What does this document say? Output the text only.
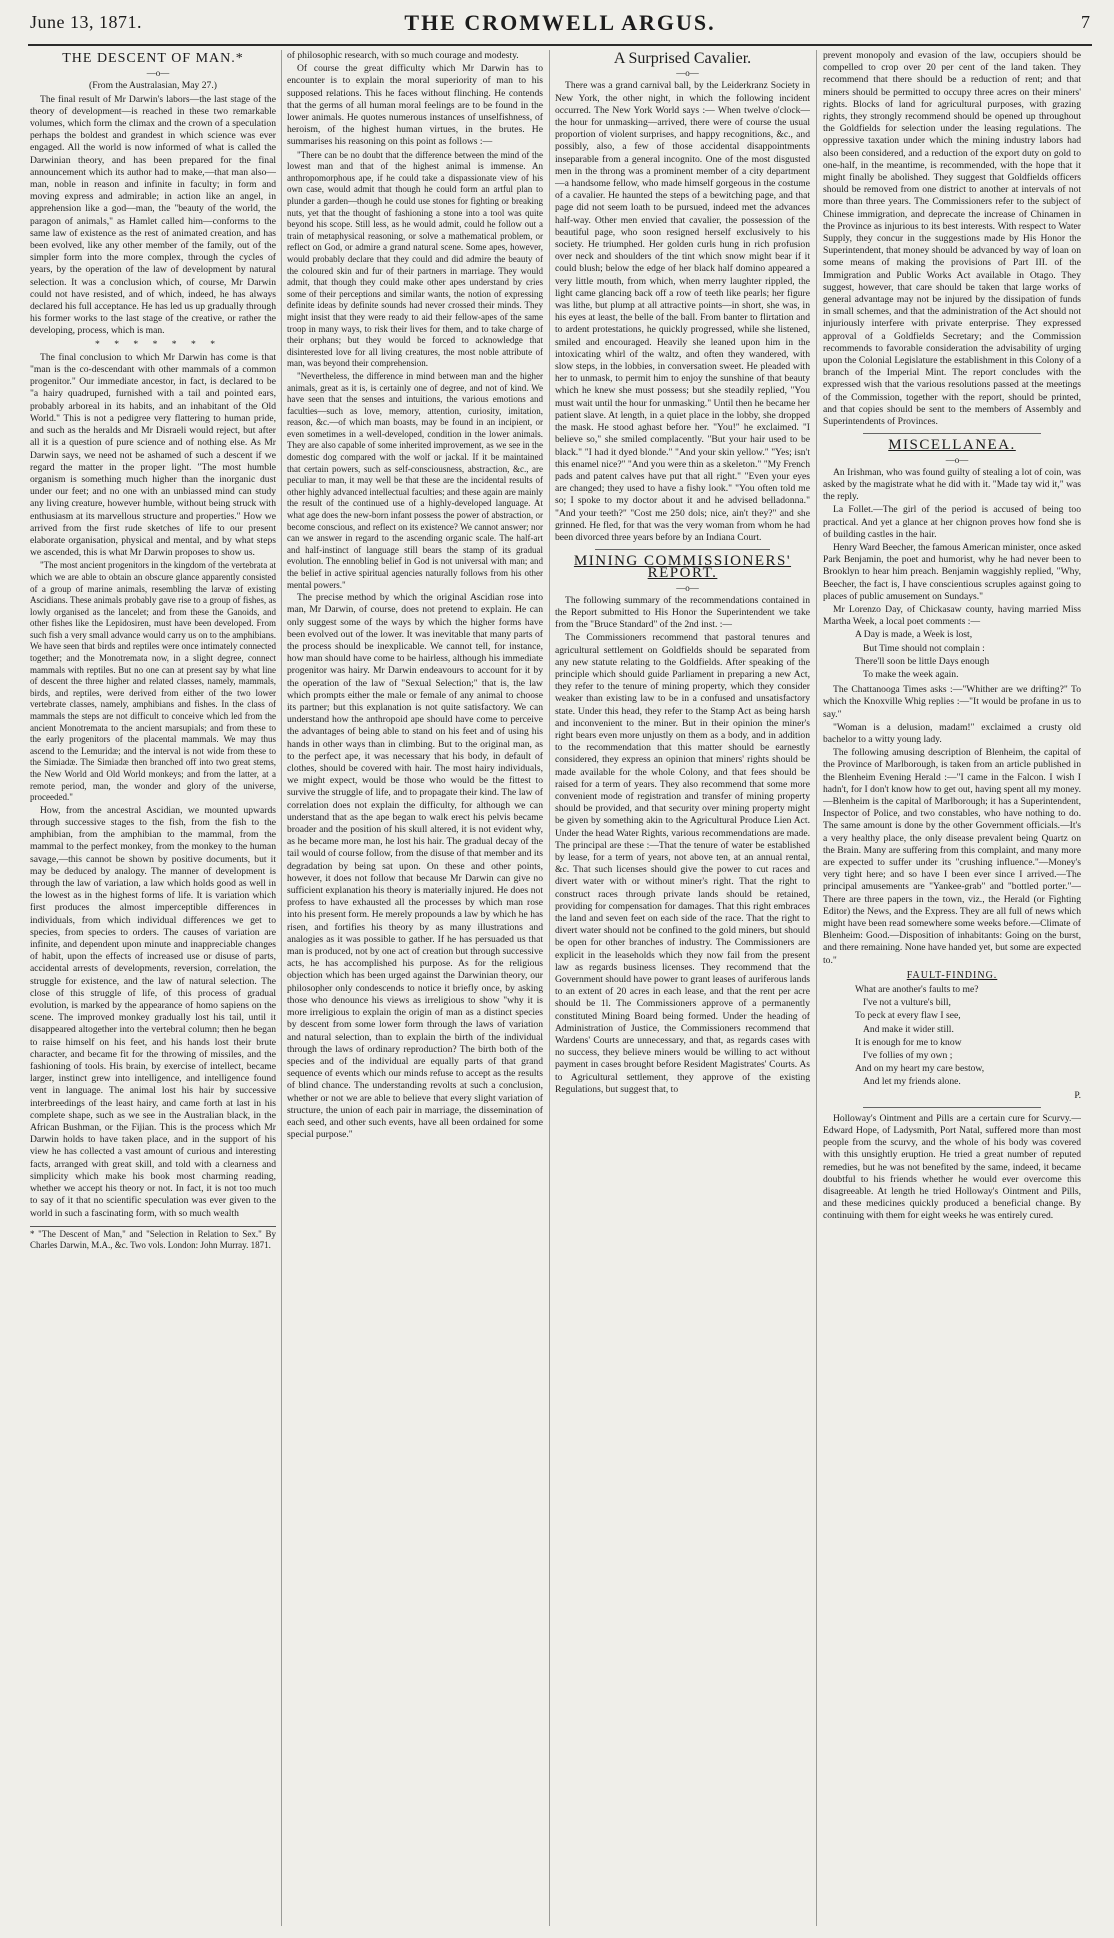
June 13, 1871.	THE CROMWELL ARGUS.	7
THE DESCENT OF MAN.*

—o—

(From the Australasian, May 27.)

The final result of Mr Darwin's labors—the last stage of the theory of development—is reached in these two remarkable volumes, which form the climax and the crown of a speculation perhaps the boldest and grandest in which science was ever engaged. All the world is now informed of what is called the Darwinian theory, and has been prepared for the final announcement which its author had to make,—that man also—man, noble in reason and infinite in faculty; in form and moving express and admirable; in action like an angel, in apprehension like a god—man, the "beauty of the world, the paragon of animals," as Hamlet called him—conforms to the same law of existence as the rest of animated creation, and has been evolved, like any other member of the family, out of the simpler form into the more complex, through the cycles of years, by the operation of the law of development by natural selection. It was a conclusion which, of course, Mr Darwin could not have resisted, and of which, indeed, he has always declared his full acceptance. He has led us up gradually through his former works to the last stage of the creative, or rather the developing, process, which is man.

* * * * * * *

The final conclusion to which Mr Darwin has come is that "man is the co-descendant with other mammals of a common progenitor." Our immediate ancestor, in fact, is declared to be "a hairy quadruped, furnished with a tail and pointed ears, probably arboreal in its habits, and an inhabitant of the Old World." This is not a pedigree very flattering to human pride, and such as the heralds and Mr Disraeli would reject, but after all it is a question of pure science and of nothing else. As Mr Darwin says, we need not be ashamed of such a descent if we regard the matter in the proper light. "The most humble organism is something much higher than the inorganic dust under our feet; and no one with an unbiassed mind can study any living creature, however humble, without being struck with enthusiasm at its marvellous structure and properties." How we arrived from the first rude sketches of life to our present elaborate organisation, physical and mental, and by what steps we ascended, this is what Mr Darwin proposes to show us.

"The most ancient progenitors in the kingdom of the vertebrata at which we are able to obtain an obscure glance apparently consisted of a group of marine animals, resembling the larvæ of existing Ascidians. These animals probably gave rise to a group of fishes, as lowly organised as the lancelet; and from these the Ganoids, and other fishes like the Lepidosiren, must have been developed. From such fish a very small advance would carry us on to the amphibians. We have seen that birds and reptiles were once intimately connected together; and the Monotremata now, in a slight degree, connect mammals with reptiles. But no one can at present say by what line of descent the three higher and related classes, namely, mammals, birds, and reptiles, were derived from either of the two lower vertebrate classes, namely, amphibians and fishes. In the class of mammals the steps are not difficult to conceive which led from the ancient Monotremata to the ancient marsupials; and from these to the early progenitors of the placental mammals. We may thus ascend to the Lemuridæ; and the interval is not wide from these to the Simiadæ. The Simiadæ then branched off into two great stems, the New World and Old World monkeys; and from the latter, at a remote period, man, the wonder and glory of the universe, proceeded."

How, from the ancestral Ascidian, we mounted upwards through successive stages to the fish, from the fish to the amphibian, from the amphibian to the mammal, from the mammal to the perfect monkey, from the monkey to the human savage,—this cannot be shown by positive documents, but it may be deduced by analogy. The manner of development is through the law of variation, a law which holds good as well in the lowest as in the highest forms of life. It is variation which first produces the almost imperceptible differences in individuals, from which individual differences we get to species, from species to orders. The causes of variation are infinite, and dependent upon minute and inappreciable changes of habit, upon the effects of increased use or disuse of parts, accidental arrests of developments, reversion, correlation, the struggle for existence, and the law of natural selection. The close of this struggle of life, of this process of gradual evolution, is marked by the appearance of homo sapiens on the scene. The improved monkey gradually lost his tail, until it disappeared altogether into the vertebral column; then he began to raise himself on his feet, and his hands lost their brute character, and became fit for the throwing of missiles, and the fashioning of tools. His brain, by exercise of intellect, became larger, instinct grew into intelligence, and intelligence found vent in language. The animal lost his hair by successive interbreedings of the least hairy, and came forth at last in his complete shape, such as we see in the Australian black, in the African Bushman, or the Fijian. This is the process which Mr Darwin holds to have taken place, and in the support of his view he has collected a vast amount of curious and interesting facts, arranged with great skill, and told with a clearness and simplicity which make his book most charming reading, whether we accept his theory or not. In fact, it is not too much to say of it that no scientific speculation was ever given to the world in such a fascinating form, with so much wealth

* "The Descent of Man," and "Selection in Relation to Sex." By Charles Darwin, M.A., &c. Two vols. London: John Murray. 1871.

of philosophic research, with so much courage and modesty.

Of course the great difficulty which Mr Darwin has to encounter is to explain the moral superiority of man to his supposed relations. This he faces without flinching. He contends that the germs of all human moral feelings are to be found in the lower animals. He quotes numerous instances of unselfishness, of heroism, of the highest human virtues, in the brutes. He summarises his reasoning on this point as follows :—

"There can be no doubt that the difference between the mind of the lowest man and that of the highest animal is immense. An anthropomorphous ape, if he could take a dispassionate view of his own case, would admit that though he could form an artful plan to plunder a garden—though he could use stones for fighting or breaking nuts, yet that the thought of fashioning a stone into a tool was quite beyond his scope. Still less, as he would admit, could he follow out a train of metaphysical reasoning, or solve a mathematical problem, or reflect on God, or admire a grand natural scene. Some apes, however, would probably declare that they could and did admire the beauty of the coloured skin and fur of their partners in marriage. They would admit, that though they could make other apes understand by cries some of their perceptions and similar wants, the notion of expressing definite ideas by definite sounds had never crossed their minds. They might insist that they were ready to aid their fellow-apes of the same troop in many ways, to risk their lives for them, and to take charge of their orphans; but they would be forced to acknowledge that disinterested love for all living creatures, the most noble attribute of man, was beyond their comprehension.

"Nevertheless, the difference in mind between man and the higher animals, great as it is, is certainly one of degree, and not of kind. We have seen that the senses and intuitions, the various emotions and faculties—such as love, memory, attention, curiosity, imitation, reason, &c.—of which man boasts, may be found in an incipient, or even sometimes in a well-developed, condition in the lower animals. They are also capable of some inherited improvement, as we see in the domestic dog compared with the wolf or jackal. If it be maintained that certain powers, such as self-consciousness, abstraction, &c., are peculiar to man, it may well be that these are the incidental results of other highly advanced intellectual faculties; and these again are mainly the result of the continued use of a highly-developed language. At what age does the new-born infant possess the power of abstraction, or become conscious, and reflect on its existence? We cannot answer; nor can we answer in regard to the ascending organic scale. The half-art and half-instinct of language still bears the stamp of its gradual evolution. The ennobling belief in God is not universal with man; and the belief in active spiritual agencies naturally follows from his other mental powers."

The precise method by which the original Ascidian rose into man, Mr Darwin, of course, does not pretend to explain. He can only suggest some of the ways by which the higher forms have been evolved out of the lower. It was inevitable that many parts of the process should be inexplicable. We cannot tell, for instance, how man should have come to be hairless, although his immediate progenitor was hairy. Mr Darwin endeavours to account for it by the operation of the law of "Sexual Selection;" that is, the law which prompts either the male or female of any animal to choose its partner; but this explanation is not quite satisfactory. We can understand how the anthropoid ape should have come to perceive the advantages of being able to stand on his feet and of using his hands in other ways than in climbing. But to the original man, as to the perfect ape, it was necessary that his body, in default of clothes, should be covered with hair. The most hairy individuals, we might expect, would be those who would be the fittest to survive the struggle of life, and to propagate their kind. The law of correlation does not explain the difficulty, for although we can understand that as the ape began to walk erect his pelvis became broader and the position of his skull altered, it is not evident why, as he became more man, he lost his hair. The gradual decay of the tail would of course follow, from the disuse of that member and its degradation by being sat upon. On these and other points, however, it does not follow that because Mr Darwin can give no sufficient explanation his theory is materially injured. He does not profess to have exhausted all the processes by which man rose into his present form. He merely propounds a law by which he has risen, and fortifies his theory by as many illustrations and analogies as it was possible to gather. If he has persuaded us that man is produced, not by one act of creation but through successive acts, he has accomplished his purpose. As for the religious objection which has been urged against the Darwinian theory, our philosopher only condescends to notice it briefly once, by asking those who denounce his views as irreligious to show "why it is more irreligious to explain the origin of man as a distinct species by descent from some lower form through the laws of variation and natural selection, than to explain the birth of the individual through the laws of ordinary reproduction? The birth both of the species and of the individual are equally parts of that grand sequence of events which our minds refuse to accept as the results of blind chance. The understanding revolts at such a conclusion, whether or not we are able to believe that every slight variation of structure, the union of each pair in marriage, the dissemination of each seed, and other such events, have all been ordained for some special purpose."

A Surprised Cavalier.

—o—

There was a grand carnival ball, by the Leiderkranz Society in New York, the other night, in which the following incident occurred. The New York World says :— When twelve o'clock—the hour for unmasking—arrived, there were of course the usual proportion of violent surprises, and happy recognitions, &c., and possibly, also, a few of those accidental disappointments inseparable from a general incognito. One of the most disgusted men in the throng was a prominent member of a city department—a handsome fellow, who made himself gorgeous in the costume of a cavalier. He haunted the steps of a bewitching page, and that page did not seem loath to be pursued, indeed met the advances half-way. Other men envied that cavalier, the possession of the beautiful page, who soon resigned herself exclusively to his society. He triumphed. Her golden curls hung in rich profusion over neck and shoulders of the tint which snow might bear if it could blush; below the edge of her black half domino appeared a very little mouth, from which, when merry laughter rippled, the light came glancing back off a row of teeth like pearls; her figure was lithe, but plump at all attractive points—in short, she was, in his eyes at least, the belle of the ball. From banter to flirtation and to ardent protestations, he quickly progressed, while she listened, smiled and encouraged. Heavily she leaned upon him in the intoxicating whirl of the waltz, and often they wandered, with slow steps, in the lobbies, in conversation sweet. He pleaded with her to unmask, to permit him to enjoy the sunshine of that beauty which he knew she must possess; but she steadily replied, "You must wait until the hour for unmasking." Until then he became her patient slave. At length, in a quiet place in the lobby, she dropped the mask. He stood aghast before her. "You!" he exclaimed. "I believe so," she smiled complacently. "But your hair used to be black." "I had it dyed blonde." "And your skin yellow." "Yes; isn't this enamel nice?" "And you were thin as a skeleton." "My French pads and patent calves have put that all right." "Even your eyes are changed; they used to have a fishy look." "You often told me so; I spoke to my doctor about it and he advised belladonna." "And your teeth?" "Cost me 250 dols; nice, ain't they?" and she grinned. He fled, for that was the very woman from whom he had been divorced three years before by an Indiana Court.

MINING COMMISSIONERS' REPORT.

—o—

The following summary of the recommendations contained in the Report submitted to His Honor the Superintendent we take from the "Bruce Standard" of the 2nd inst. :—

The Commissioners recommend that pastoral tenures and agricultural settlement on Goldfields should be separated from any new statute relating to the Goldfields. After speaking of the principle which should guide Parliament in preparing a new Act, they refer to the tenure of mining property, which they consider weaker than existing law to be in a confused and unsatisfactory state. Under this head, they refer to the Stamp Act as being harsh and inconvenient to the miner. But in their opinion the miner's right bears even more unjustly on them as a body, and in addition to the recommendation that this matter should be earnestly considered, they express an opinion that miners' rights should be made available for the whole Colony, and that fees should be raised for a term of years. They also recommend that some more convenient mode of registration and transfer of mining property should be provided, and that security over mining property might be given by something akin to the Agricultural Produce Lien Act. Under the head Water Rights, various recommendations are made. The principal are these :—That the tenure of water be established by lease, for a term of years, not above ten, at an annual rental, &c. That such licenses should give the power to cut races and divert water with or without miner's right. That the right to construct races through private lands should be retained, providing for compensation for damages. That this right embraces the land and seven feet on each side of the race. That the right to divert water should not be confined to the gold miners, but should be open for other branches of industry. The Commissioners are explicit in the leaseholds which they now fail from the present law as regards business licenses. They recommend that the Government should have power to grant leases of auriferous lands to an extent of 20 acres in each lease, and that the rent per acre should be 1l. The Commissioners approve of a permanently constituted Mining Board being formed. Under the heading of Administration of Justice, the Commissioners recommend that Wardens' Courts are unnecessary, and that, as regards cases with no success, they believe miners would be willing to act without payment in cases brought before Resident Magistrates' Courts. As to Agricultural settlement, they approve of the existing Regulations, but suggest that, to

prevent monopoly and evasion of the law, occupiers should be compelled to crop over 20 per cent of the land taken. They recommend that there should be a reduction of rent; and that miners should be permitted to occupy three acres on their miners' rights. Blocks of land for agricultural purposes, with grazing rights, they strongly recommend should be opened up throughout the Goldfields for selection under the leasing regulations. The oppressive taxation under which the mining industry labors had also been considered, and a reduction of the export duty on gold to one-half, in the meantime, is recommended, with the hope that it might finally be abolished. They suggest that Goldfields officers should be removed from one district to another at intervals of not more than three years. The Commissioners refer to the subject of Chinese immigration, and deprecate the increase of Chinamen in the Province as injurious to its best interests. With respect to Water Supply, they concur in the suggestions made by His Honor the Superintendent, that money should be advanced by way of loan on some means of making the provisions of Part III. of the Immigration and Public Works Act available in Otago. They suggest, however, that care should be taken that large works of general advantage may not be injured by the dissipation of funds in small schemes, and that the administration of the Act should not injuriously interfere with private enterprise. They expressed approval of a Goldfields Secretary; and the Commission recommends to favorable consideration the advisability of urging upon the Colonial Legislature the establishment in this Colony of a branch of the Imperial Mint. The report concludes with the expressed wish that the various resolutions passed at the meetings of the Commission, together with the report, should be printed, and that copies should be sent to the members of Assembly and Superintendents of Provinces.

MISCELLANEA.

—o—

An Irishman, who was found guilty of stealing a lot of coin, was asked by the magistrate what he did with it. "Made tay wid it," was the reply.

La Follet.—The girl of the period is accused of being too practical. And yet a glance at her chignon proves how fond she is of building castles in the hair.

Henry Ward Beecher, the famous American minister, once asked Park Benjamin, the poet and humorist, why he had never been to Brooklyn to hear him preach. Benjamin waggishly replied, "Why, Beecher, the fact is, I have conscientious scruples against going to places of public amusement on Sundays."

Mr Lorenzo Day, of Chickasaw county, having married Miss Martha Week, a local poet comments :—

A Day is made, a Week is lost,

But Time should not complain :

There'll soon be little Days enough

To make the week again.

The Chattanooga Times asks :—"Whither are we drifting?" To which the Knoxville Whig replies :—"It would be profane in us to say."

"Woman is a delusion, madam!" exclaimed a crusty old bachelor to a witty young lady.

The following amusing description of Blenheim, the capital of the Province of Marlborough, is taken from an article published in the Blenheim Evening Herald :—"I came in the Falcon. I wish I hadn't, for I don't know how to get out, having spent all my money.—Blenheim is the capital of Marlborough; it has a Superintendent, Inspector of Police, and two constables, who have nothing to do. The same amount is done by the other Government officials.—It's a very healthy place, the only disease prevalent being Quartz on the Brain. Many are suffering from this complaint, and many more are expected to suffer under its "crushing influence."—Money's very tight here; and so have I been ever since I arrived.—The principal amusements are "Yankee-grab" and "bottled porter."—There are three papers in the town, viz., the Herald (or Fighting Editor) the News, and the Express. They are all full of news which might have been read somewhere some weeks before.—Climate of Blenheim: Good.—Disposition of inhabitants: Going on the burst, and there remaining. None have handed yet, but some are expected to."

FAULT-FINDING.

What are another's faults to me?

I've not a vulture's bill,

To peck at every flaw I see,

And make it wider still.

It is enough for me to know

I've follies of my own ;

And on my heart my care bestow,

And let my friends alone.

P.

Holloway's Ointment and Pills are a certain cure for Scurvy.—Edward Hope, of Ladysmith, Port Natal, suffered more than most people from the scurvy, and the whole of his body was covered with this unsightly eruption. He tried a great number of reputed remedies, but he was not benefited by the same, indeed, it became doubtful to his friends whether he would ever overcome this disagreeable. At length he tried Holloway's Ointment and Pills, and these medicines quickly produced a beneficial change. By continuing with them for eight weeks he was entirely cured.
